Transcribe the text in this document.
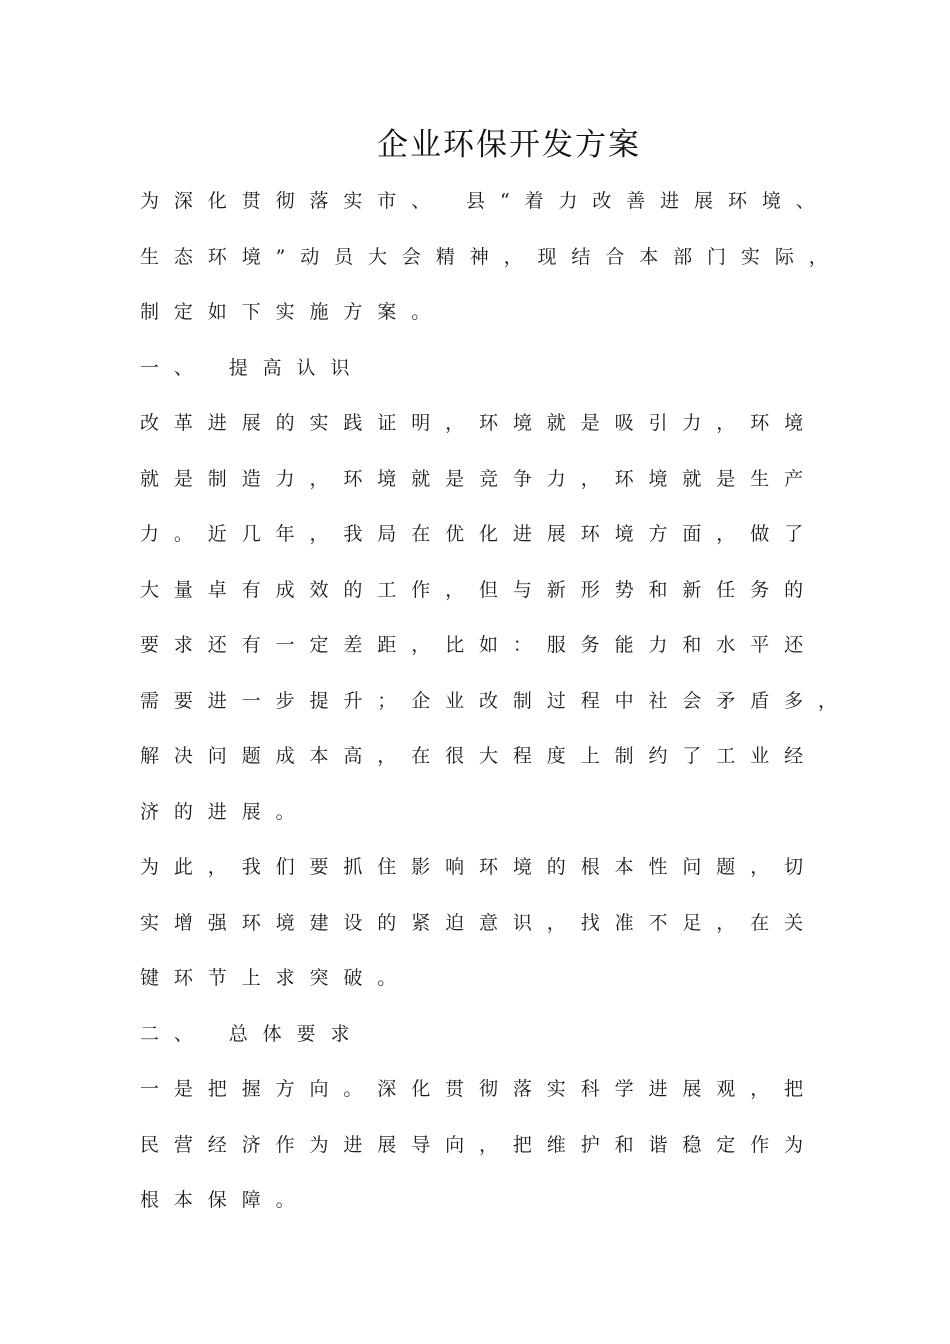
企业环保开发方案
为深化贯彻落实市、 县“着力改善进展环境、
生态环境”动员大会精神，现结合本部门实际，
制定如下实施方案。
一、 提高认识
改革进展的实践证明，环境就是吸引力，环境
就是制造力，环境就是竞争力，环境就是生产
力。近几年，我局在优化进展环境方面，做了
大量卓有成效的工作，但与新形势和新任务的
要求还有一定差距，比如：服务能力和水平还
需要进一步提升；企业改制过程中社会矛盾多，
解决问题成本高，在很大程度上制约了工业经
济的进展。
为此，我们要抓住影响环境的根本性问题，切
实增强环境建设的紧迫意识，找准不足，在关
键环节上求突破。
二、 总体要求
一是把握方向。深化贯彻落实科学进展观，把
民营经济作为进展导向，把维护和谐稳定作为
根本保障。
